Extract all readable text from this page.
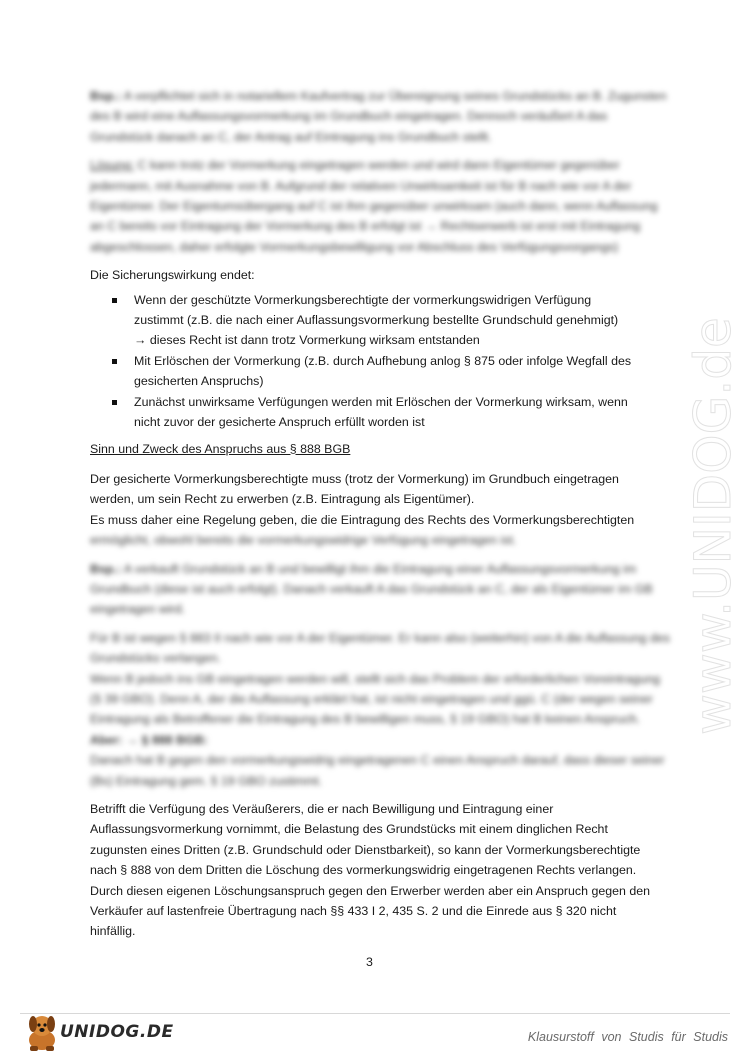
www.UNIDOG.de

Bsp.: A verpflichtet sich in notariellem Kaufvertrag zur Übereignung seines Grundstücks an B. Zugunsten des B wird eine Auflassungsvormerkung im Grundbuch eingetragen. Dennoch veräußert A das Grundstück danach an C, der Antrag auf Eintragung ins Grundbuch stellt.

Lösung: C kann trotz der Vormerkung eingetragen werden und wird dann Eigentümer gegenüber jedermann, mit Ausnahme von B. Aufgrund der relativen Unwirksamkeit ist für B nach wie vor A der Eigentümer. Der Eigentumsübergang auf C ist ihm gegenüber unwirksam (auch dann, wenn Auflassung an C bereits vor Eintragung der Vormerkung des B erfolgt ist → Rechtserwerb ist erst mit Eintragung abgeschlossen, daher erfolgte Vormerkungsbewilligung vor Abschluss des Verfügungsvorgangs)

Die Sicherungswirkung endet:

Wenn der geschützte Vormerkungsberechtigte der vormerkungswidrigen Verfügung
zustimmt (z.B. die nach einer Auflassungsvormerkung bestellte Grundschuld genehmigt)
→ dieses Recht ist dann trotz Vormerkung wirksam entstanden
Mit Erlöschen der Vormerkung (z.B. durch Aufhebung anlog § 875 oder infolge Wegfall des
gesicherten Anspruchs)
Zunächst unwirksame Verfügungen werden mit Erlöschen der Vormerkung wirksam, wenn
nicht zuvor der gesicherte Anspruch erfüllt worden ist

Sinn und Zweck des Anspruchs aus § 888 BGB

Der gesicherte Vormerkungsberechtigte muss (trotz der Vormerkung) im Grundbuch eingetragen
werden, um sein Recht zu erwerben (z.B. Eintragung als Eigentümer).
Es muss daher eine Regelung geben, die die Eintragung des Rechts des Vormerkungsberechtigten
ermöglicht, obwohl bereits die vormerkungswidrige Verfügung eingetragen ist.

Bsp.: A verkauft Grundstück an B und bewilligt ihm die Eintragung einer Auflassungsvormerkung im Grundbuch (diese ist auch erfolgt). Danach verkauft A das Grundstück an C, der als Eigentümer im GB eingetragen wird.

Für B ist wegen § 883 II nach wie vor A der Eigentümer. Er kann also (weiterhin) von A die Auflassung des Grundstücks verlangen.

Wenn B jedoch ins GB eingetragen werden will, stellt sich das Problem der erforderlichen Voreintragung (§ 39 GBO). Denn A, der die Auflassung erklärt hat, ist nicht eingetragen und ggü. C (der wegen seiner Eintragung als Betroffener die Eintragung des B bewilligen muss, § 19 GBO) hat B keinen Anspruch.

Aber: → § 888 BGB:

Danach hat B gegen den vormerkungswidrig eingetragenen C einen Anspruch darauf, dass dieser seiner (Bs) Eintragung gem. § 19 GBO zustimmt.

Betrifft die Verfügung des Veräußerers, die er nach Bewilligung und Eintragung einer
Auflassungsvormerkung vornimmt, die Belastung des Grundstücks mit einem dinglichen Recht
zugunsten eines Dritten (z.B. Grundschuld oder Dienstbarkeit), so kann der Vormerkungsberechtigte
nach § 888 von dem Dritten die Löschung des vormerkungswidrig eingetragenen Rechts verlangen.
Durch diesen eigenen Löschungsanspruch gegen den Erwerber werden aber ein Anspruch gegen den
Verkäufer auf lastenfreie Übertragung nach §§ 433 I 2, 435 S. 2 und die Einrede aus § 320 nicht
hinfällig.

3
UNIDOG.DE	Klausurstoff von Studis für Studis
